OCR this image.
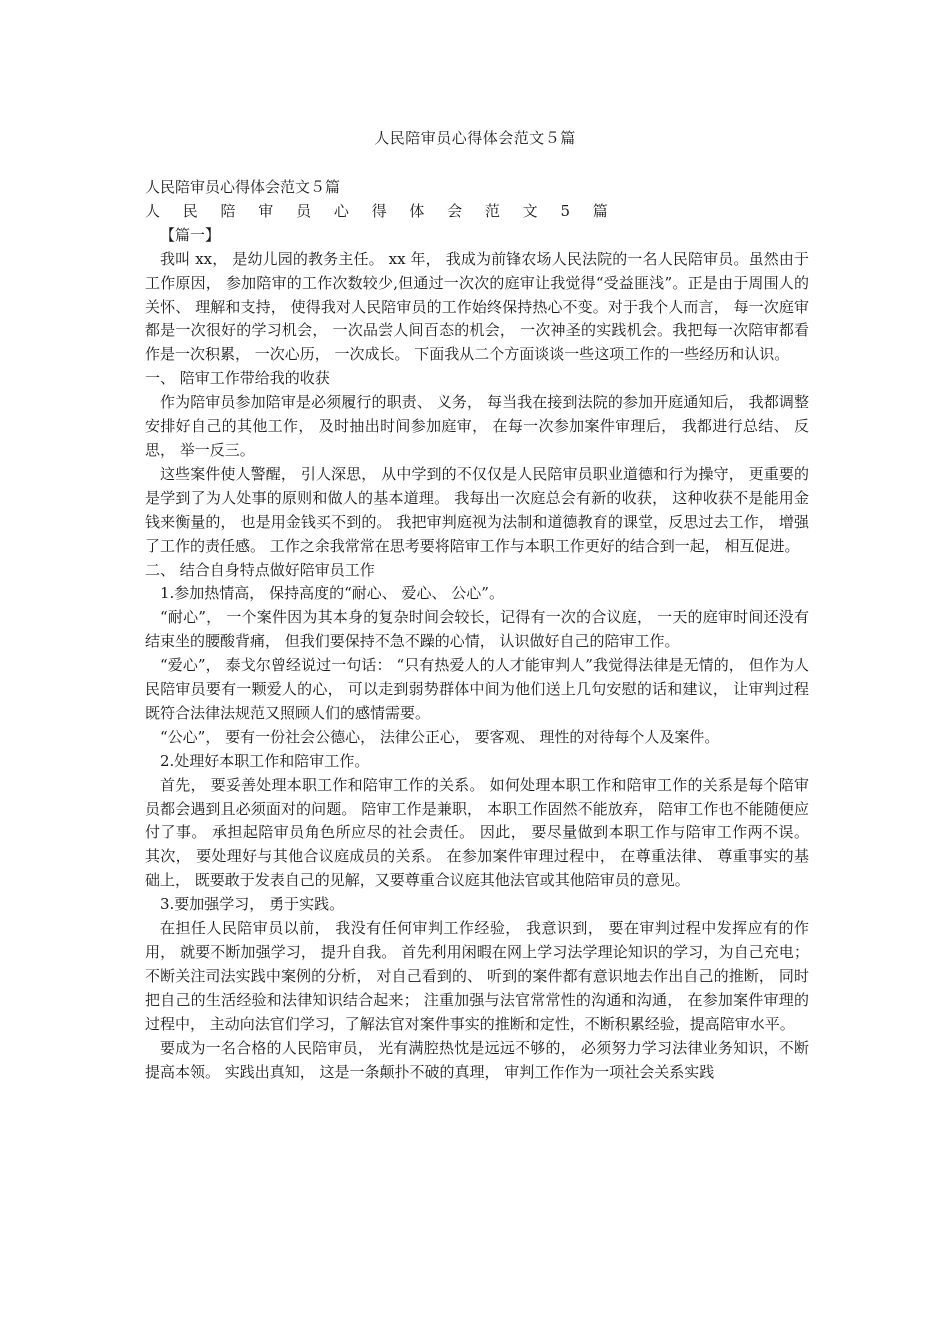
人民陪审员心得体会范文５篇

人民陪审员心得体会范文５篇

人 民 陪 审 员 心 得 体 会 范 文 5 篇

【篇一】

我叫 xx， 是幼儿园的教务主任。 xx 年， 我成为前锋农场人民法院的一名人民陪审员。虽然由于工作原因， 参加陪审的工作次数较少,但通过一次次的庭审让我觉得“受益匪浅”。正是由于周围人的关怀、 理解和支持， 使得我对人民陪审员的工作始终保持热心不变。对于我个人而言， 每一次庭审都是一次很好的学习机会， 一次品尝人间百态的机会， 一次神圣的实践机会。我把每一次陪审都看作是一次积累， 一次心历， 一次成长。 下面我从二个方面谈谈一些这项工作的一些经历和认识。

一、 陪审工作带给我的收获

作为陪审员参加陪审是必须履行的职责、 义务， 每当我在接到法院的参加开庭通知后， 我都调整安排好自己的其他工作， 及时抽出时间参加庭审， 在每一次参加案件审理后， 我都进行总结、 反思， 举一反三。

这些案件使人警醒， 引人深思， 从中学到的不仅仅是人民陪审员职业道德和行为操守， 更重要的是学到了为人处事的原则和做人的基本道理。 我每出一次庭总会有新的收获， 这种收获不是能用金钱来衡量的， 也是用金钱买不到的。 我把审判庭视为法制和道德教育的课堂，反思过去工作， 增强了工作的责任感。 工作之余我常常在思考要将陪审工作与本职工作更好的结合到一起， 相互促进。

二、 结合自身特点做好陪审员工作

1.参加热情高， 保持高度的“耐心、 爱心、 公心”。

“耐心”， 一个案件因为其本身的复杂时间会较长，记得有一次的合议庭， 一天的庭审时间还没有结束坐的腰酸背痛， 但我们要保持不急不躁的心情， 认识做好自己的陪审工作。

“爱心”， 泰戈尔曾经说过一句话： “只有热爱人的人才能审判人”我觉得法律是无情的， 但作为人民陪审员要有一颗爱人的心， 可以走到弱势群体中间为他们送上几句安慰的话和建议， 让审判过程既符合法律法规范又照顾人们的感情需要。

“公心”， 要有一份社会公德心， 法律公正心， 要客观、 理性的对待每个人及案件。

2.处理好本职工作和陪审工作。

首先， 要妥善处理本职工作和陪审工作的关系。 如何处理本职工作和陪审工作的关系是每个陪审员都会遇到且必须面对的问题。 陪审工作是兼职， 本职工作固然不能放弃， 陪审工作也不能随便应付了事。 承担起陪审员角色所应尽的社会责任。 因此， 要尽量做到本职工作与陪审工作两不误。 其次， 要处理好与其他合议庭成员的关系。 在参加案件审理过程中， 在尊重法律、 尊重事实的基础上， 既要敢于发表自己的见解，又要尊重合议庭其他法官或其他陪审员的意见。

3.要加强学习， 勇于实践。

在担任人民陪审员以前， 我没有任何审判工作经验， 我意识到， 要在审判过程中发挥应有的作用， 就要不断加强学习， 提升自我。 首先利用闲暇在网上学习法学理论知识的学习，为自己充电； 不断关注司法实践中案例的分析， 对自己看到的、 听到的案件都有意识地去作出自己的推断， 同时把自己的生活经验和法律知识结合起来； 注重加强与法官常常性的沟通和沟通， 在参加案件审理的过程中， 主动向法官们学习，了解法官对案件事实的推断和定性，不断积累经验，提高陪审水平。

要成为一名合格的人民陪审员， 光有满腔热忱是远远不够的， 必须努力学习法律业务知识，不断提高本领。 实践出真知， 这是一条颠扑不破的真理， 审判工作作为一项社会关系实践
